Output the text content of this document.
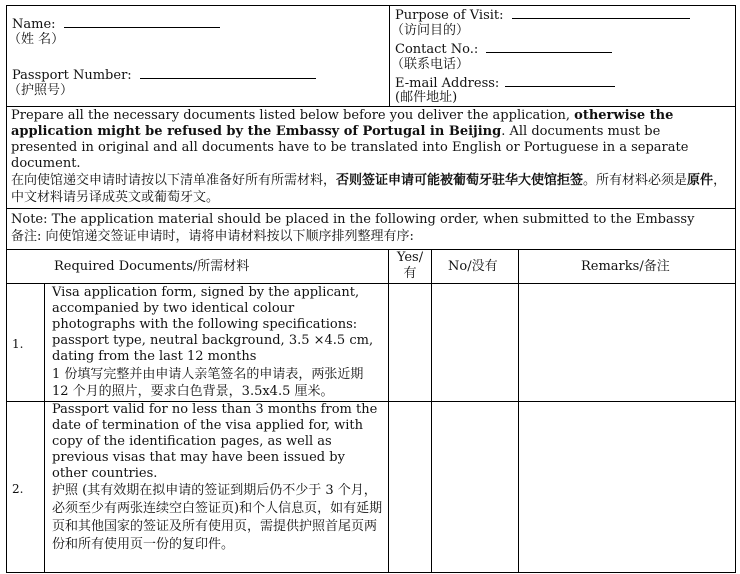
Name:
（姓 名）
Passport Number:
（护照号）
Purpose of Visit:
（访问目的）
Contact No.:
（联系电话）
E-mail Address:
(邮件地址)
Prepare all the necessary documents listed below before you deliver the application, otherwise the application might be refused by the Embassy of Portugal in Beijing. All documents must be presented in original and all documents have to be translated into English or Portuguese in a separate document.
在向使馆递交申请时请按以下清单准备好所有所需材料，否则签证申请可能被葡萄牙驻华大使馆拒签。所有材料必须是原件，中文材料请另译成英文或葡萄牙文。
Note: The application material should be placed in the following order, when submitted to the Embassy
备注: 向使馆递交签证申请时，请将申请材料按以下顺序排列整理有序:
Required Documents/所需材料
Yes/
有	No/没有	Remarks/备注
1.
Visa application form, signed by the applicant, accompanied by two identical colour photographs with the following specifications: passport type, neutral background, 3.5 ×4.5 cm, dating from the last 12 months
1 份填写完整并由申请人亲笔签名的申请表，两张近期 12 个月的照片，要求白色背景，3.5x4.5 厘米。
2.
Passport valid for no less than 3 months from the date of termination of the visa applied for, with copy of the identification pages, as well as previous visas that may have been issued by other countries.
护照 (其有效期在拟申请的签证到期后仍不少于 3 个月， 必须至少有两张连续空白签证页)和个人信息页，如有延期页和其他国家的签证及所有使用页，需提供护照首尾页两份和所有使用页一份的复印件。
